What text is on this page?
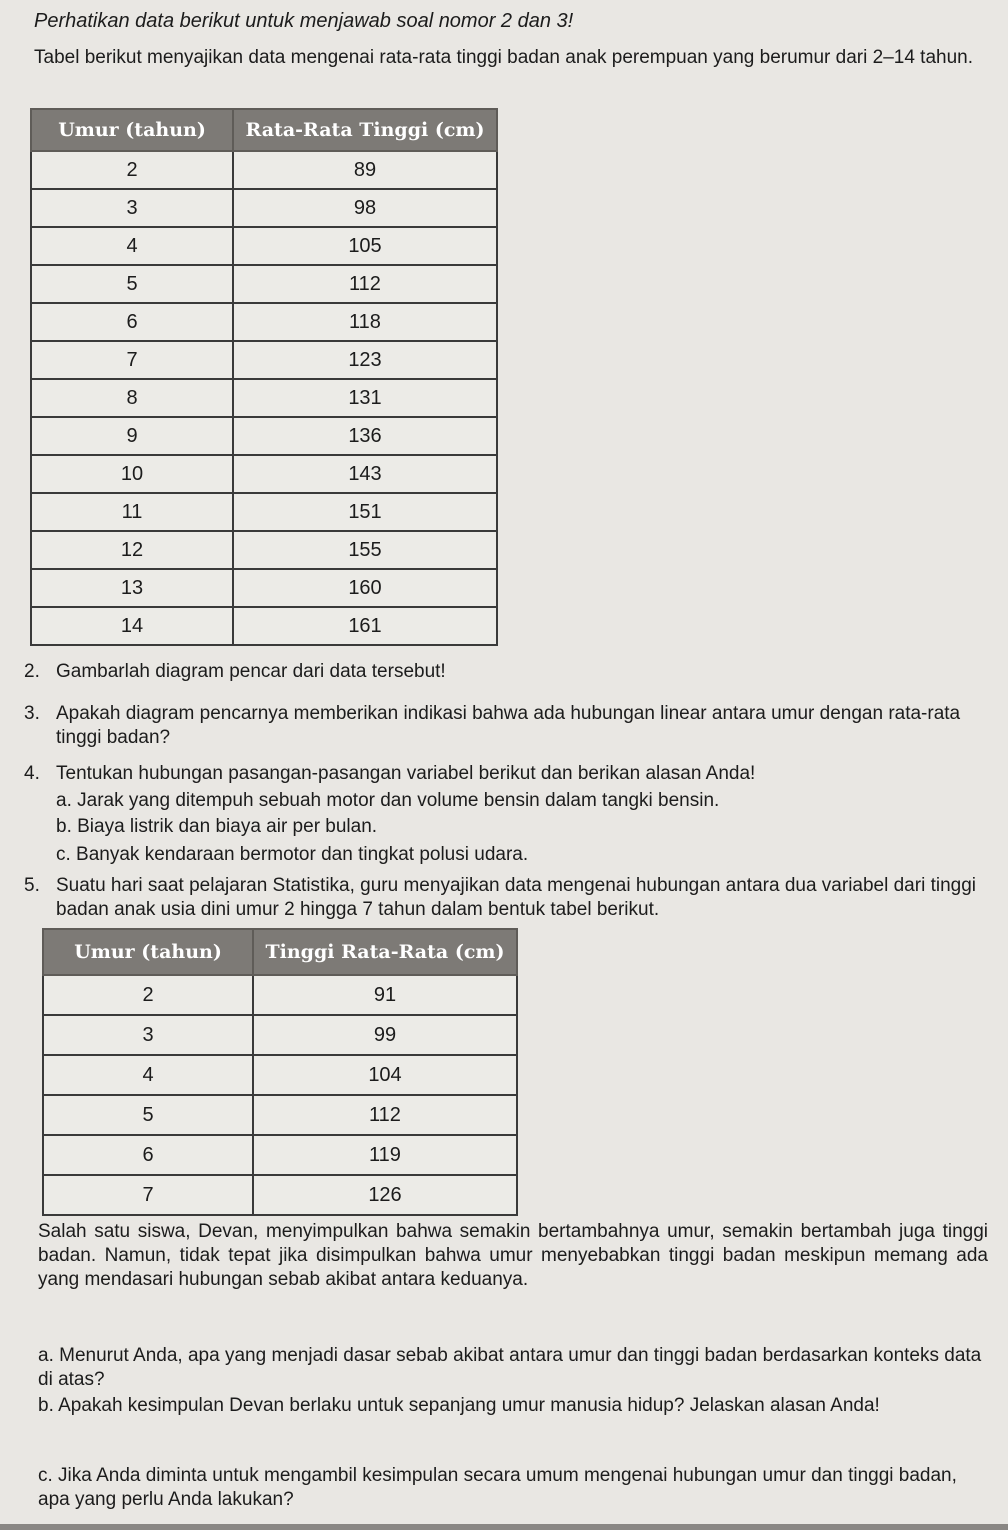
Perhatikan data berikut untuk menjawab soal nomor 2 dan 3!
Tabel berikut menyajikan data mengenai rata-rata tinggi badan anak perempuan yang berumur dari 2–14 tahun.
Umur (tahun)	Rata-Rata Tinggi (cm)
2	89
3	98
4	105
5	112
6	118
7	123
8	131
9	136
10	143
11	151
12	155
13	160
14	161
2. Gambarlah diagram pencar dari data tersebut!
3. Apakah diagram pencarnya memberikan indikasi bahwa ada hubungan linear antara umur dengan rata-rata tinggi badan?
4. Tentukan hubungan pasangan-pasangan variabel berikut dan berikan alasan Anda!
a. Jarak yang ditempuh sebuah motor dan volume bensin dalam tangki bensin.
b. Biaya listrik dan biaya air per bulan.
c. Banyak kendaraan bermotor dan tingkat polusi udara.
5. Suatu hari saat pelajaran Statistika, guru menyajikan data mengenai hubungan antara dua variabel dari tinggi badan anak usia dini umur 2 hingga 7 tahun dalam bentuk tabel berikut.
Umur (tahun)	Tinggi Rata-Rata (cm)
2	91
3	99
4	104
5	112
6	119
7	126
Salah satu siswa, Devan, menyimpulkan bahwa semakin bertambahnya umur, semakin bertambah juga tinggi badan. Namun, tidak tepat jika disimpulkan bahwa umur menyebabkan tinggi badan meskipun memang ada yang mendasari hubungan sebab akibat antara keduanya.
a. Menurut Anda, apa yang menjadi dasar sebab akibat antara umur dan tinggi badan berdasarkan konteks data di atas?
b. Apakah kesimpulan Devan berlaku untuk sepanjang umur manusia hidup? Jelaskan alasan Anda!
c. Jika Anda diminta untuk mengambil kesimpulan secara umum mengenai hubungan umur dan tinggi badan, apa yang perlu Anda lakukan?
